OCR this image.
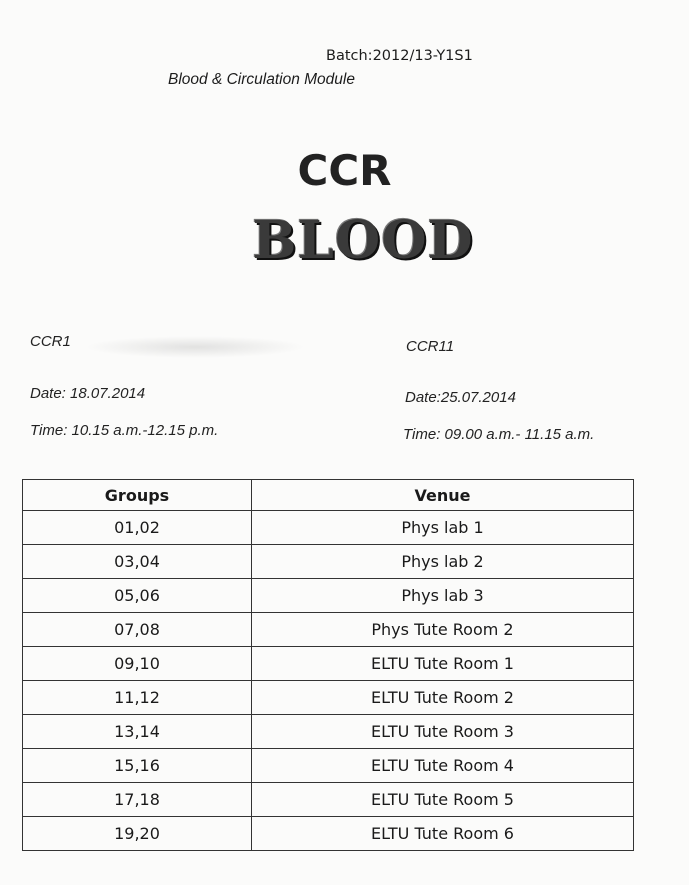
Batch:2012/13-Y1S1
Blood & Circulation Module
CCR
BLOOD
CCR1
Date: 18.07.2014
Time: 10.15 a.m.-12.15 p.m.
CCR11
Date:25.07.2014
Time: 09.00 a.m.- 11.15 a.m.
Groups	Venue
01,02	Phys lab 1
03,04	Phys lab 2
05,06	Phys lab 3
07,08	Phys Tute Room 2
09,10	ELTU Tute Room 1
11,12	ELTU Tute Room 2
13,14	ELTU Tute Room 3
15,16	ELTU Tute Room 4
17,18	ELTU Tute Room 5
19,20	ELTU Tute Room 6
